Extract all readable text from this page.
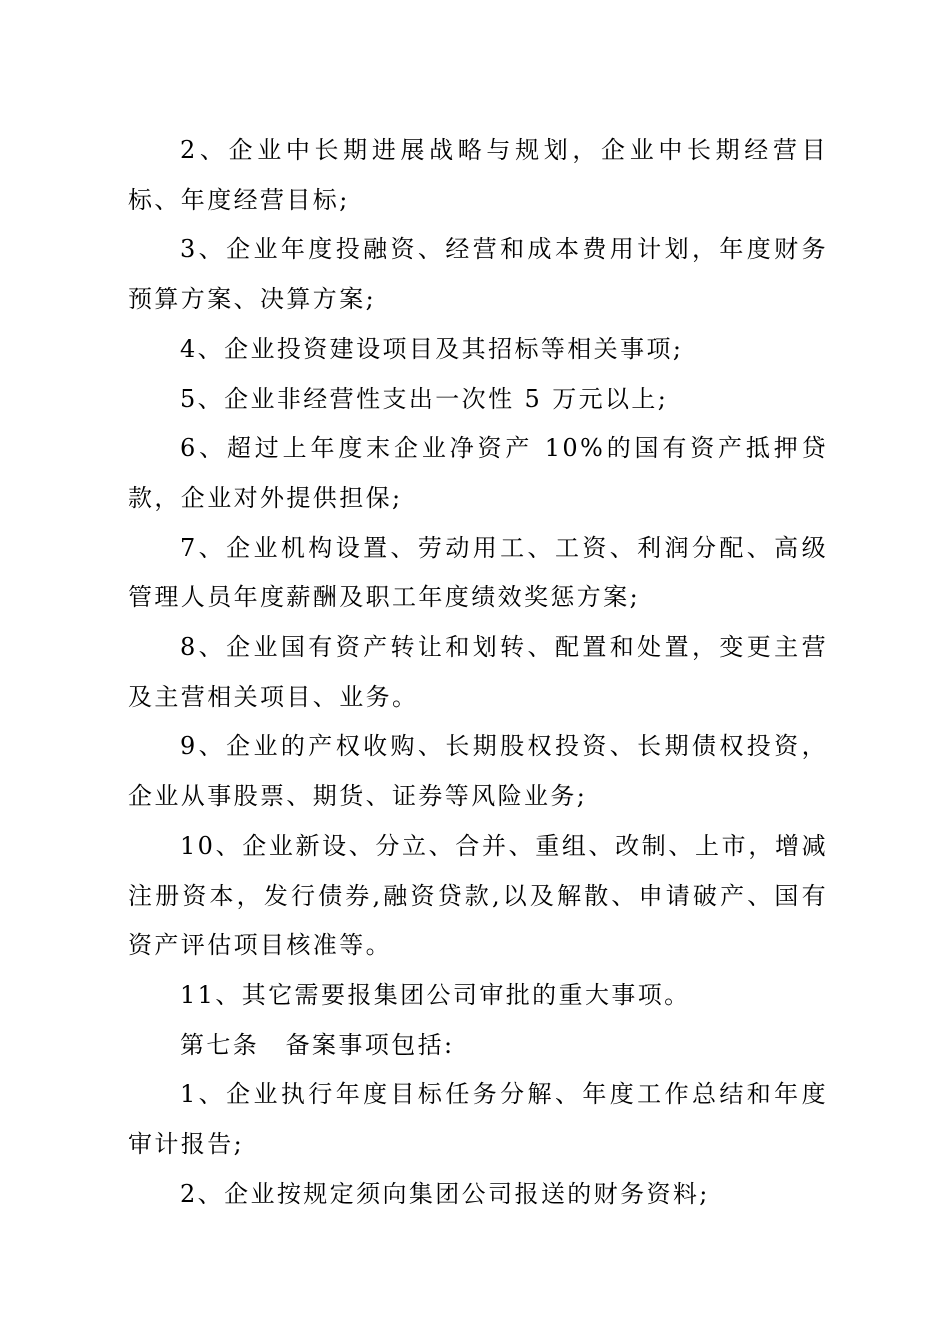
2、企业中长期进展战略与规划，企业中长期经营目标、年度经营目标;

3、企业年度投融资、经营和成本费用计划，年度财务预算方案、决算方案;

4、企业投资建设项目及其招标等相关事项;

5、企业非经营性支出一次性 5 万元以上;

6、超过上年度末企业净资产 10%的国有资产抵押贷款，企业对外提供担保;

7、企业机构设置、劳动用工、工资、利润分配、高级管理人员年度薪酬及职工年度绩效奖惩方案;

8、企业国有资产转让和划转、配置和处置，变更主营及主营相关项目、业务。

9、企业的产权收购、长期股权投资、长期债权投资，企业从事股票、期货、证券等风险业务;

10、企业新设、分立、合并、重组、改制、上市，增减注册资本，发行债券,融资贷款,以及解散、申请破产、国有资产评估项目核准等。

11、其它需要报集团公司审批的重大事项。

第七条　备案事项包括:

1、企业执行年度目标任务分解、年度工作总结和年度审计报告;

2、企业按规定须向集团公司报送的财务资料;
